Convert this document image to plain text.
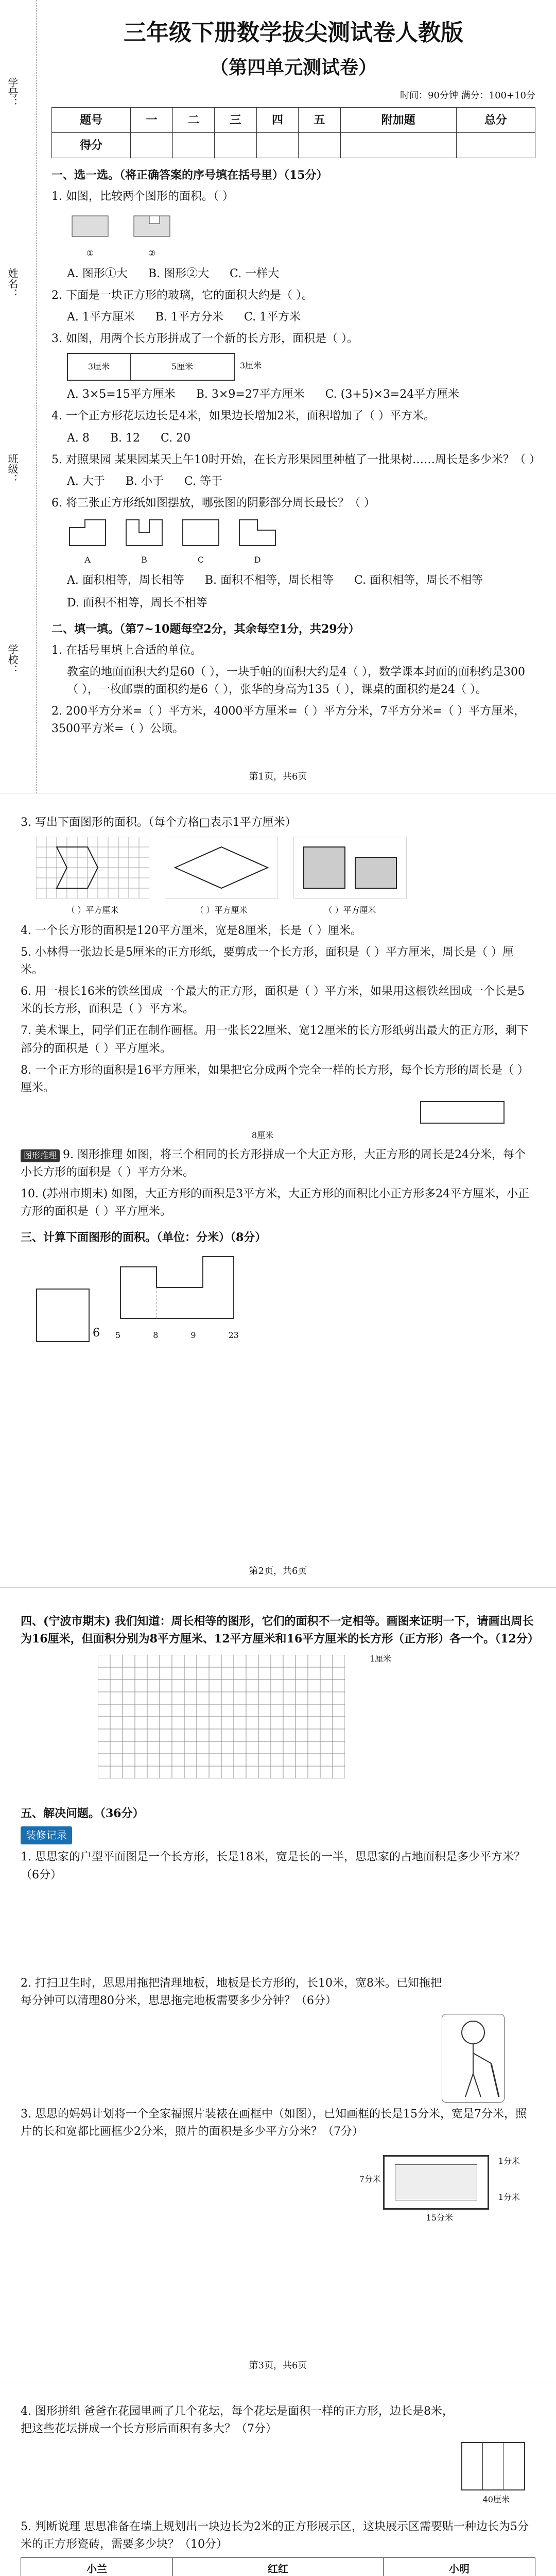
学号：
姓名：
班级：
学校：
三年级下册数学拔尖测试卷人教版
（第四单元测试卷）
时间：90分钟 满分：100+10分
题号	一	二	三	四	五	附加题	总分
得分							
一、选一选。（将正确答案的序号填在括号里）（15分）
1. 如图，比较两个图形的面积。（ ）
①	②
A. 图形①大 B. 图形②大 C. 一样大
2. 下面是一块正方形的玻璃，它的面积大约是（ ）。
A. 1平方厘米 B. 1平方分米 C. 1平方米
3. 如图，用两个长方形拼成了一个新的长方形，面积是（ ）。
3厘米	5厘米	3厘米
A. 3×5=15平方厘米 B. 3×9=27平方厘米 C. (3+5)×3=24平方厘米
4. 一个正方形花坛边长是4米，如果边长增加2米，面积增加了（ ）平方米。
A. 8 B. 12 C. 20
5. 对照果园 某果园某天上午10时开始，在长方形果园里种植了一批果树……周长是多少米？（ ）
A. 大于 B. 小于 C. 等于
6. 将三张正方形纸如图摆放，哪张图的阴影部分周长最长？（ ）
A	B	C	D
A. 面积相等，周长相等 B. 面积不相等，周长相等 C. 面积相等，周长不相等
D. 面积不相等，周长不相等
二、填一填。（第7~10题每空2分，其余每空1分，共29分）
1. 在括号里填上合适的单位。
教室的地面面积大约是60（ ），一块手帕的面积大约是4（ ），数学课本封面的面积约是300（ ），一枚邮票的面积约是6（ ），张华的身高为135（ ），课桌的面积约是24（ ）。
2. 200平方分米=（ ）平方米，4000平方厘米=（ ）平方分米，7平方分米=（ ）平方厘米，3500平方米=（ ）公顷。
第1页，共6页
3. 写出下面图形的面积。（每个方格□表示1平方厘米）
（ ）平方厘米	（ ）平方厘米	（ ）平方厘米
4. 一个长方形的面积是120平方厘米，宽是8厘米，长是（ ）厘米。
5. 小林得一张边长是5厘米的正方形纸，要剪成一个长方形，面积是（ ）平方厘米，周长是（ ）厘米。
6. 用一根长16米的铁丝围成一个最大的正方形，面积是（ ）平方米，如果用这根铁丝围成一个长是5米的长方形，面积是（ ）平方米。
7. 美术课上，同学们正在制作画框。用一张长22厘米、宽12厘米的长方形纸剪出最大的正方形，剩下部分的面积是（ ）平方厘米。
8. 一个正方形的面积是16平方厘米，如果把它分成两个完全一样的长方形，每个长方形的周长是（ ）厘米。
8厘米
图形推理 9. 图形推理 如图，将三个相同的长方形拼成一个大正方形，大正方形的周长是24分米，每个小长方形的面积是（ ）平方分米。
10. (苏州市期末) 如图，大正方形的面积是3平方米，大正方形的面积比小正方形多24平方厘米，小正方形的面积是（ ）平方厘米。
三、计算下面图形的面积。（单位：分米）（8分）
6 5	8	9	23
第2页，共6页
四、(宁波市期末) 我们知道：周长相等的图形，它们的面积不一定相等。画图来证明一下，请画出周长为16厘米，但面积分别为8平方厘米、12平方厘米和16平方厘米的长方形（正方形）各一个。（12分）
1厘米
五、解决问题。（36分）
装修记录
1. 思思家的户型平面图是一个长方形，长是18米，宽是长的一半，思思家的占地面积是多少平方米？（6分）
2. 打扫卫生时，思思用拖把清理地板，地板是长方形的，长10米，宽8米。已知拖把每分钟可以清理80分米，思思拖完地板需要多少分钟？（6分）
3. 思思的妈妈计划将一个全家福照片装裱在画框中（如图），已知画框的长是15分米，宽是7分米，照片的长和宽都比画框少2分米，照片的面积是多少平方分米？（7分）
7分米
15分米
1分米
1分米
第3页，共6页
4. 图形拼组 爸爸在花园里画了几个花坛，每个花坛是面积一样的正方形，边长是8米，把这些花坛拼成一个长方形后面积有多大？（7分）
40厘米
5. 判断说理 思思准备在墙上规划出一块边长为2米的正方形展示区，这块展示区需要贴一种边长为5分米的正方形瓷砖，需要多少块？（10分）
小兰	红红	小明
